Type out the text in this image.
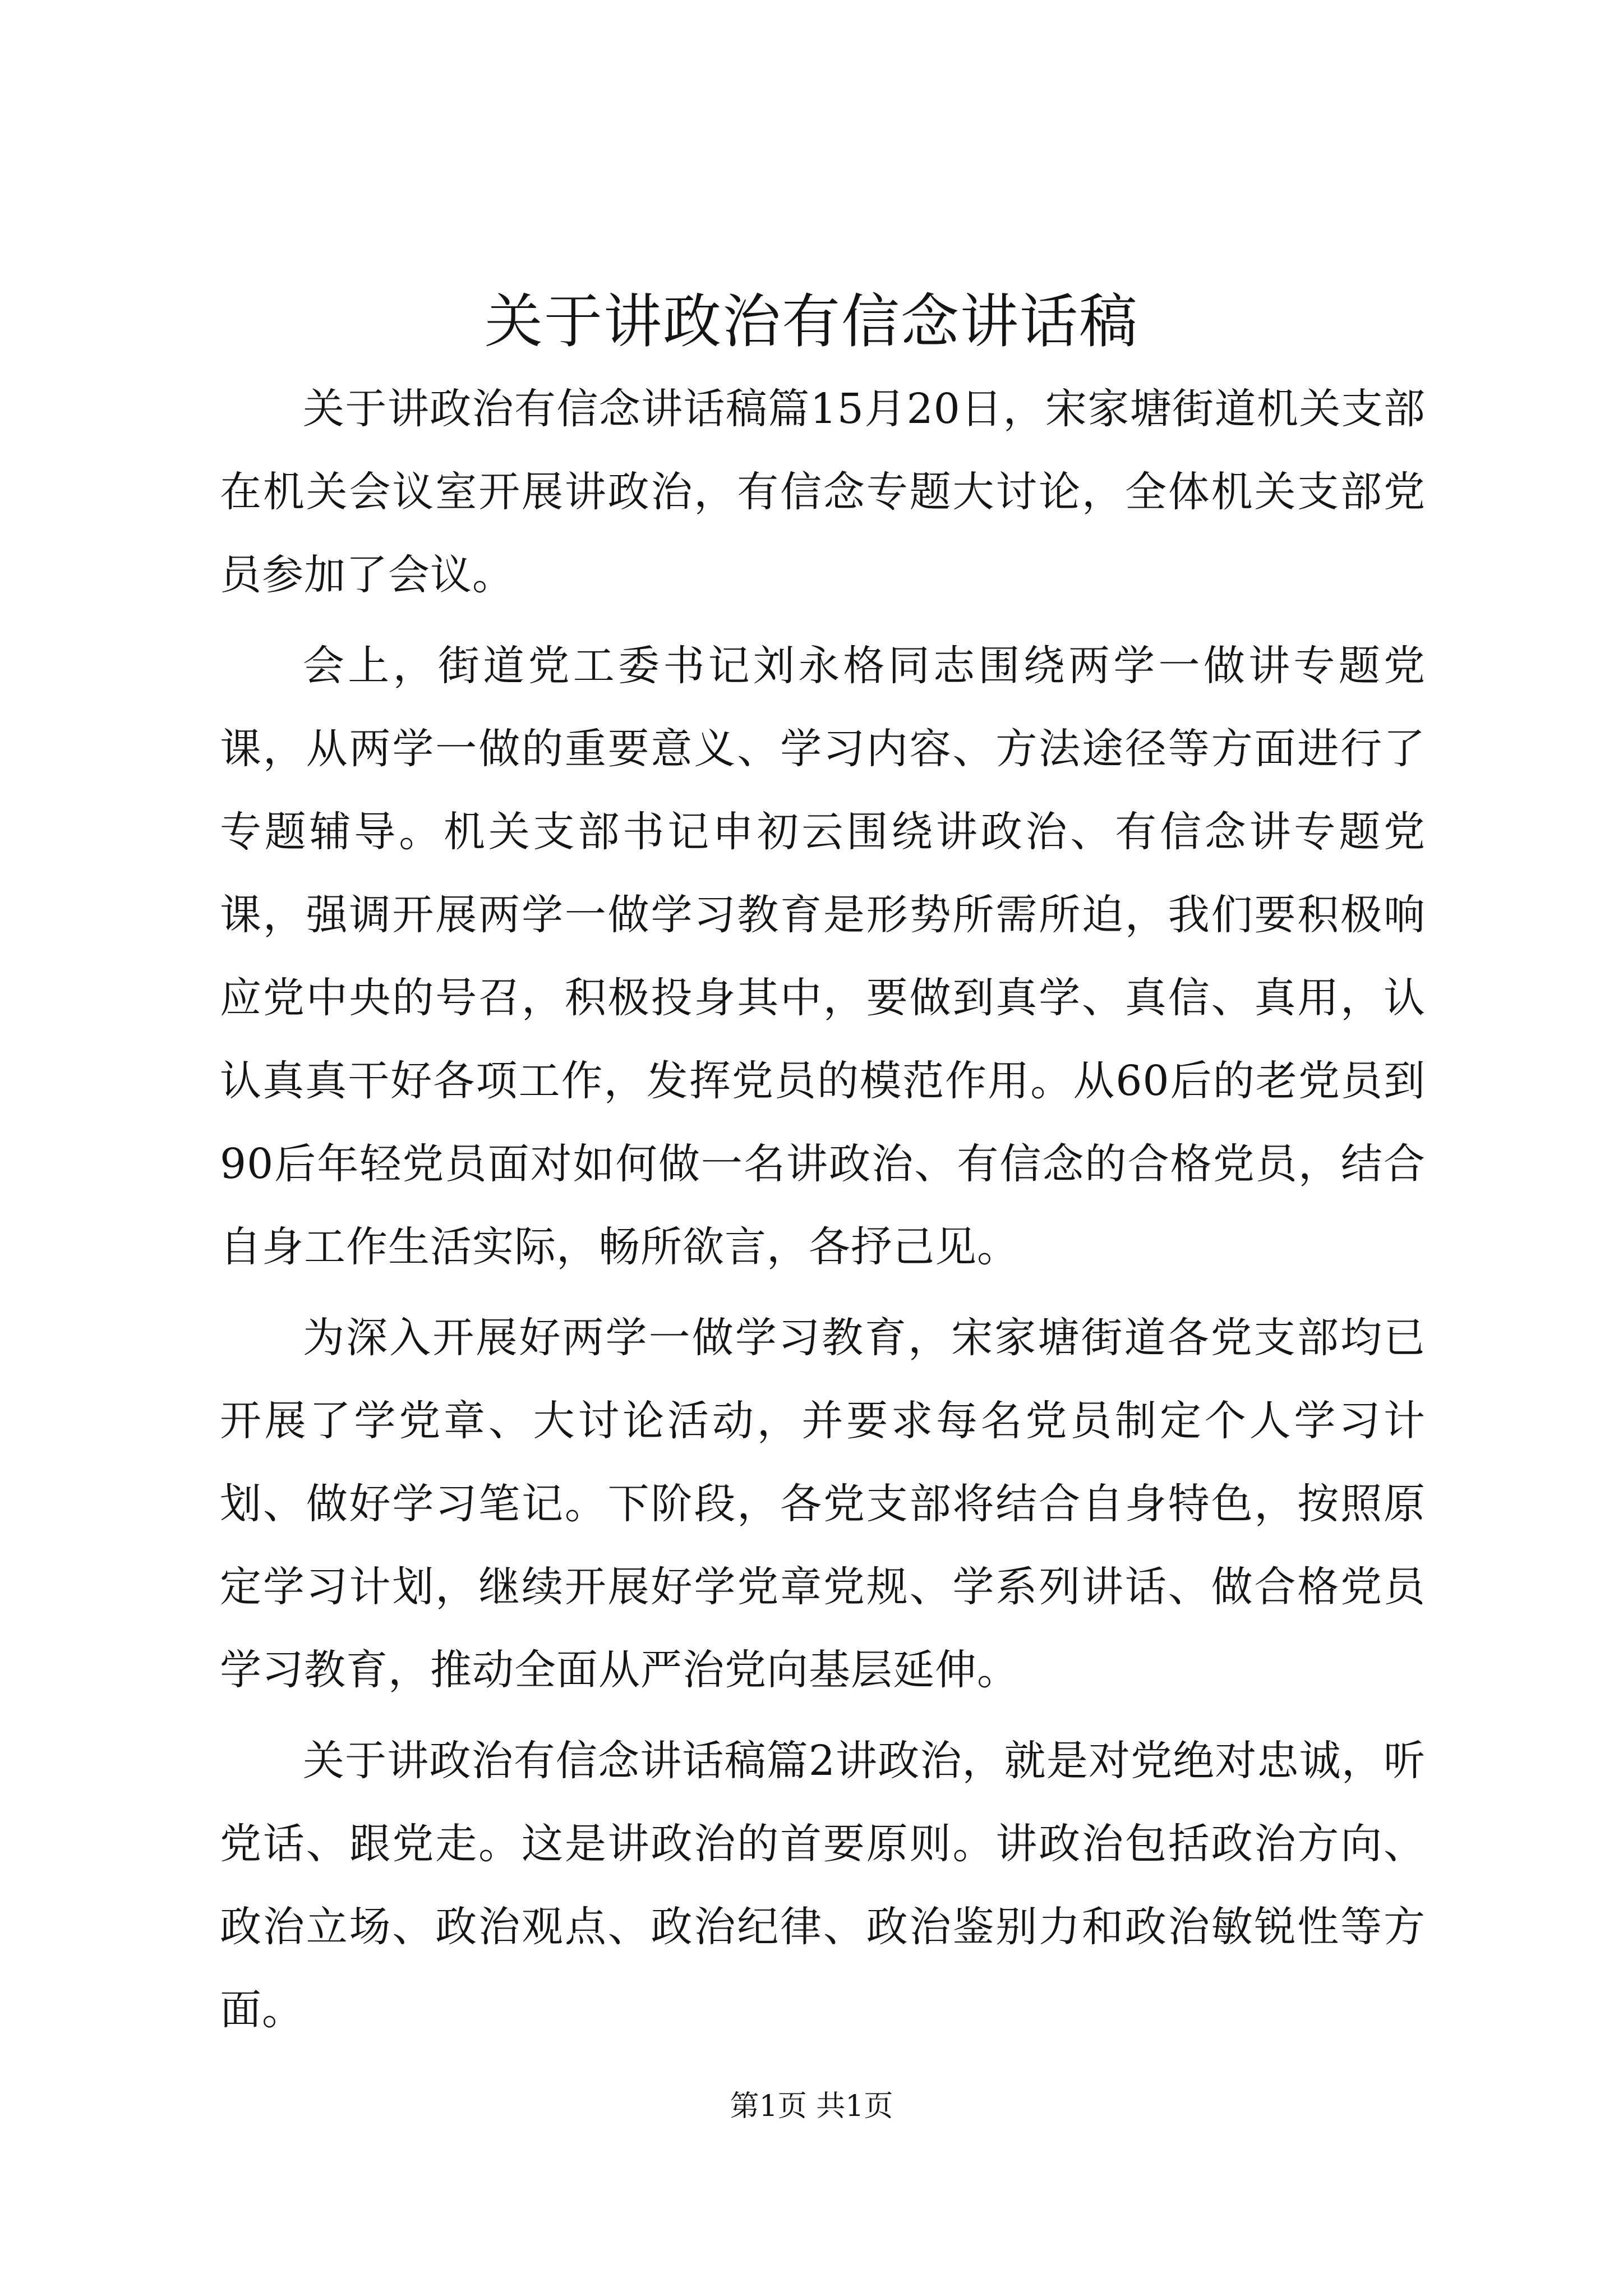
关于讲政治有信念讲话稿

关于讲政治有信念讲话稿篇15月20日，宋家塘街道机关支部在机关会议室开展讲政治，有信念专题大讨论，全体机关支部党员参加了会议。

会上，街道党工委书记刘永格同志围绕两学一做讲专题党课，从两学一做的重要意义、学习内容、方法途径等方面进行了专题辅导。机关支部书记申初云围绕讲政治、有信念讲专题党课，强调开展两学一做学习教育是形势所需所迫，我们要积极响应党中央的号召，积极投身其中，要做到真学、真信、真用，认认真真干好各项工作，发挥党员的模范作用。从60后的老党员到90后年轻党员面对如何做一名讲政治、有信念的合格党员，结合自身工作生活实际，畅所欲言，各抒己见。

为深入开展好两学一做学习教育，宋家塘街道各党支部均已开展了学党章、大讨论活动，并要求每名党员制定个人学习计划、做好学习笔记。下阶段，各党支部将结合自身特色，按照原定学习计划，继续开展好学党章党规、学系列讲话、做合格党员学习教育，推动全面从严治党向基层延伸。

关于讲政治有信念讲话稿篇2讲政治，就是对党绝对忠诚，听党话、跟党走。这是讲政治的首要原则。讲政治包括政治方向、政治立场、政治观点、政治纪律、政治鉴别力和政治敏锐性等方面。

第1页 共1页
